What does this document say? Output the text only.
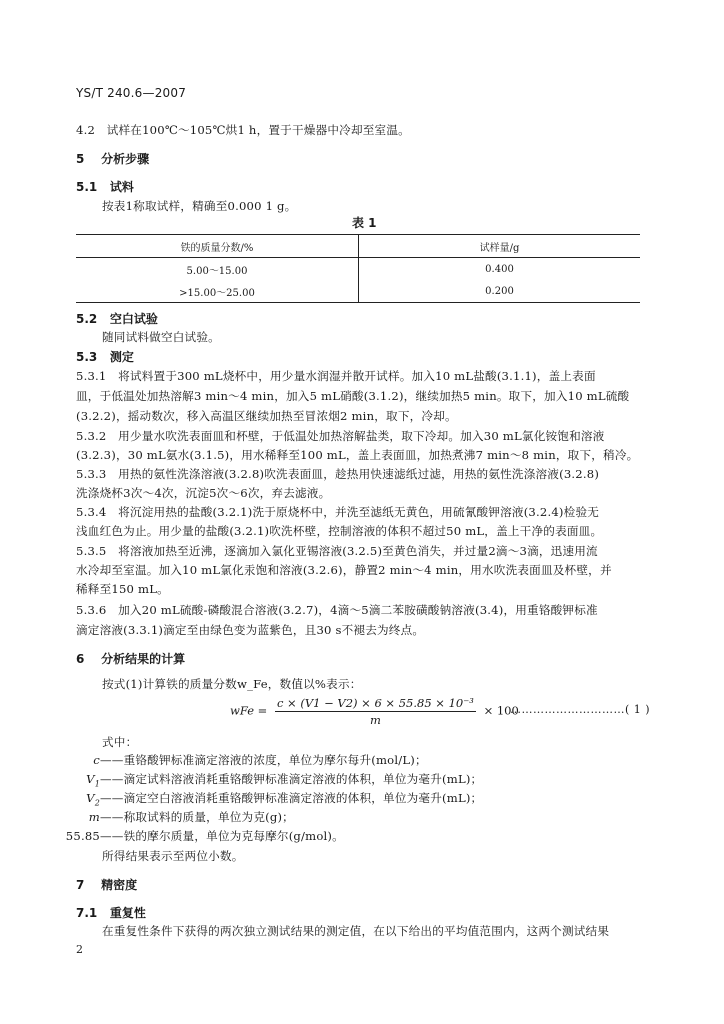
YS/T 240.6—2007
4.2 试样在100℃～105℃烘1 h，置于干燥器中冷却至室温。
5 分析步骤
5.1 试料
按表1称取试样，精确至0.000 1 g。
表 1
铁的质量分数/%	试样量/g
5.00～15.00	0.400
>15.00～25.00	0.200
5.2 空白试验
随同试料做空白试验。
5.3 测定
5.3.1 将试料置于300 mL烧杯中，用少量水润湿并散开试样。加入10 mL盐酸(3.1.1)，盖上表面
皿，于低温处加热溶解3 min～4 min，加入5 mL硝酸(3.1.2)，继续加热5 min。取下，加入10 mL硫酸
(3.2.2)，摇动数次，移入高温区继续加热至冒浓烟2 min，取下，冷却。
5.3.2 用少量水吹洗表面皿和杯壁，于低温处加热溶解盐类，取下冷却。加入30 mL氯化铵饱和溶液
(3.2.3)，30 mL氨水(3.1.5)，用水稀释至100 mL，盖上表面皿，加热煮沸7 min～8 min，取下，稍冷。
5.3.3 用热的氨性洗涤溶液(3.2.8)吹洗表面皿，趁热用快速滤纸过滤，用热的氨性洗涤溶液(3.2.8)
洗涤烧杯3次～4次，沉淀5次～6次，弃去滤液。
5.3.4 将沉淀用热的盐酸(3.2.1)洗于原烧杯中，并洗至滤纸无黄色，用硫氰酸钾溶液(3.2.4)检验无
浅血红色为止。用少量的盐酸(3.2.1)吹洗杯壁，控制溶液的体积不超过50 mL，盖上干净的表面皿。
5.3.5 将溶液加热至近沸，逐滴加入氯化亚锡溶液(3.2.5)至黄色消失，并过量2滴～3滴，迅速用流
水冷却至室温。加入10 mL氯化汞饱和溶液(3.2.6)，静置2 min～4 min，用水吹洗表面皿及杯壁，并
稀释至150 mL。
5.3.6 加入20 mL硫酸-磷酸混合溶液(3.2.7)，4滴～5滴二苯胺磺酸钠溶液(3.4)，用重铬酸钾标准
滴定溶液(3.3.1)滴定至由绿色变为蓝紫色，且30 s不褪去为终点。
6 分析结果的计算
按式(1)计算铁的质量分数w_Fe，数值以%表示：
wFe = $\frac{\text{c × (V1 − V2) × 6 × 55.85 × 10⁻³}}{m} \times 100$
…………………………( 1 )
式中：
c——重铬酸钾标准滴定溶液的浓度，单位为摩尔每升(mol/L)；
$V_1——$滴定试料溶液消耗重铬酸钾标准滴定溶液的体积，单位为毫升(mL)；
$V_2——$滴定空白溶液消耗重铬酸钾标准滴定溶液的体积，单位为毫升(mL)；
m——称取试料的质量，单位为克(g)；
55.85——铁的摩尔质量，单位为克每摩尔(g/mol)。
所得结果表示至两位小数。
7 精密度
7.1 重复性
在重复性条件下获得的两次独立测试结果的测定值，在以下给出的平均值范围内，这两个测试结果
2
